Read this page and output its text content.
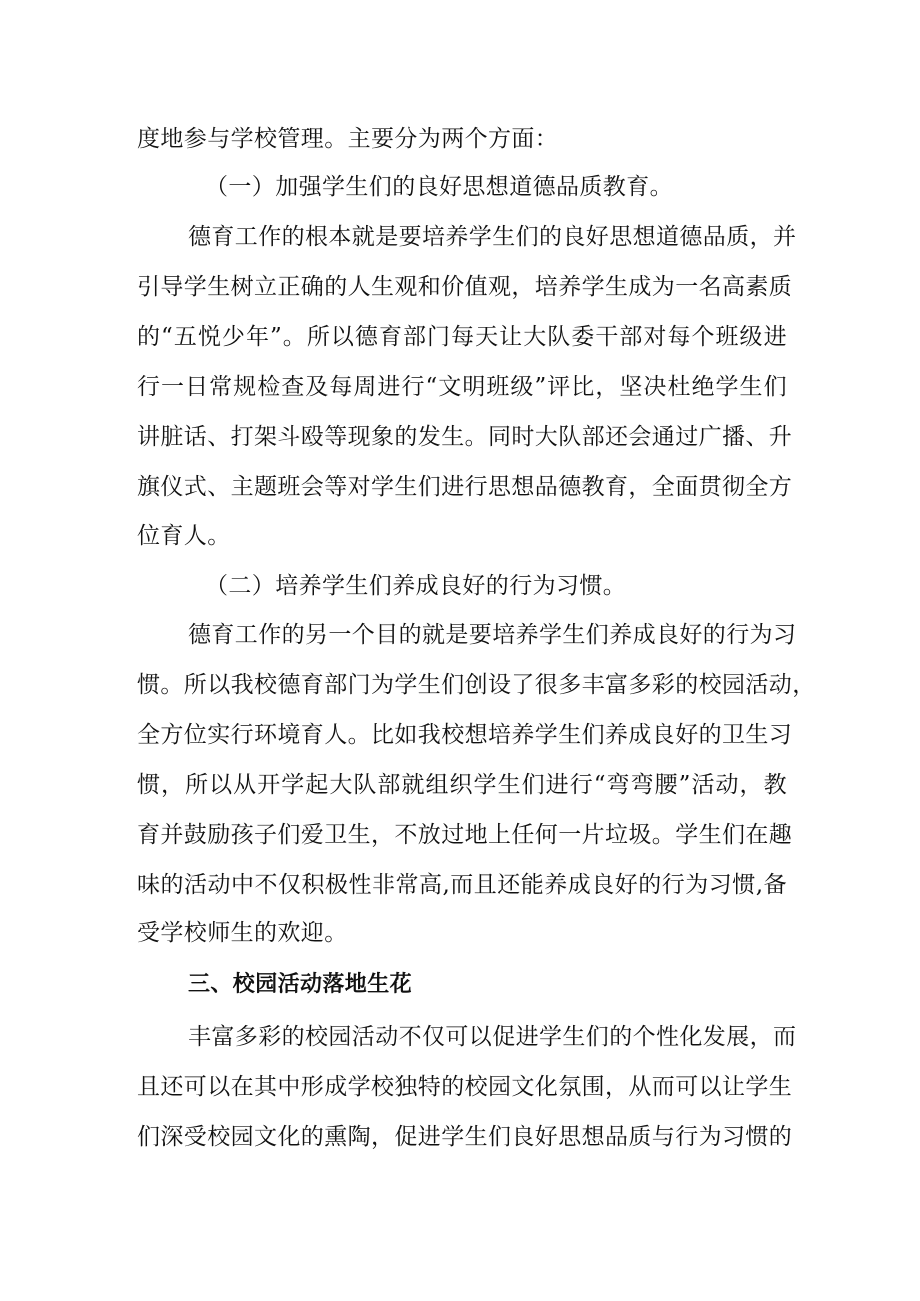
度地参与学校管理。主要分为两个方面：
（一）加强学生们的良好思想道德品质教育。
德育工作的根本就是要培养学生们的良好思想道德品质，并
引导学生树立正确的人生观和价值观，培养学生成为一名高素质
的“五悦少年”。所以德育部门每天让大队委干部对每个班级进
行一日常规检查及每周进行“文明班级”评比，坚决杜绝学生们
讲脏话、打架斗殴等现象的发生。同时大队部还会通过广播、升
旗仪式、主题班会等对学生们进行思想品德教育，全面贯彻全方
位育人。
（二）培养学生们养成良好的行为习惯。
德育工作的另一个目的就是要培养学生们养成良好的行为习
惯。所以我校德育部门为学生们创设了很多丰富多彩的校园活动，
全方位实行环境育人。比如我校想培养学生们养成良好的卫生习
惯，所以从开学起大队部就组织学生们进行“弯弯腰”活动，教
育并鼓励孩子们爱卫生，不放过地上任何一片垃圾。学生们在趣
味的活动中不仅积极性非常高,而且还能养成良好的行为习惯,备
受学校师生的欢迎。
三、校园活动落地生花
丰富多彩的校园活动不仅可以促进学生们的个性化发展，而
且还可以在其中形成学校独特的校园文化氛围，从而可以让学生
们深受校园文化的熏陶，促进学生们良好思想品质与行为习惯的
